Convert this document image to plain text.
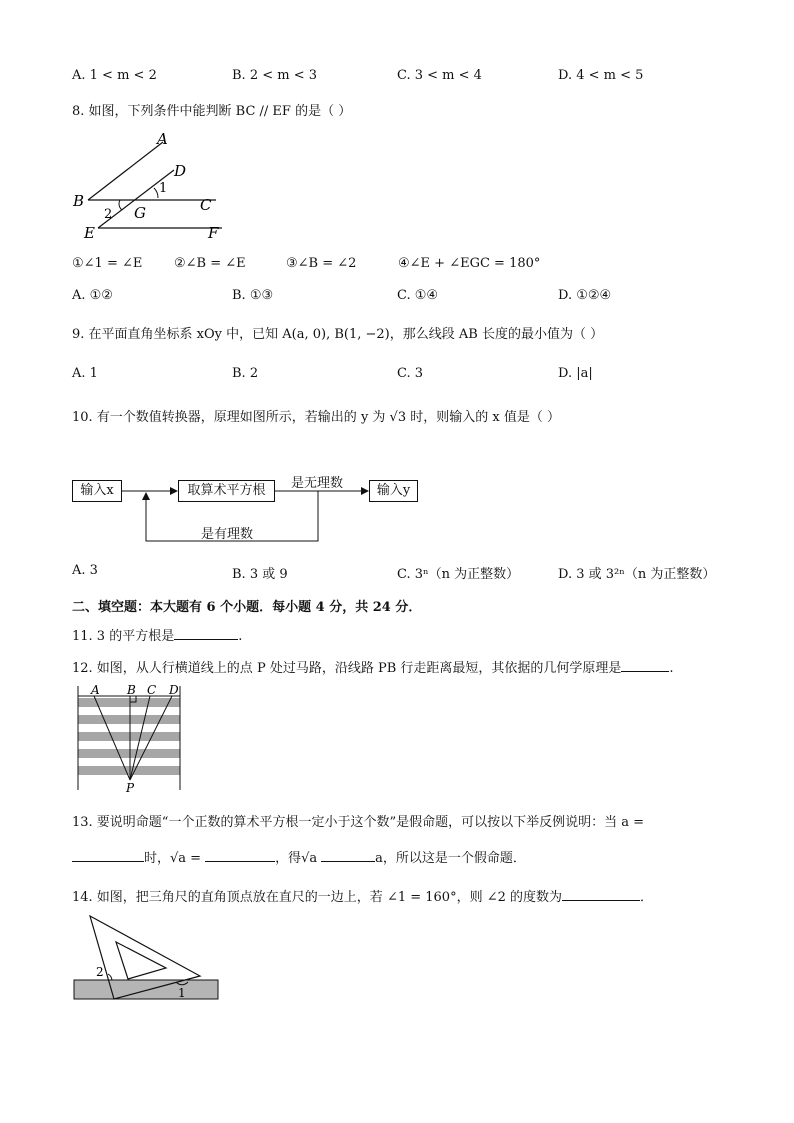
A. 1 < m < 2	B. 2 < m < 3	C. 3 < m < 4	D. 4 < m < 5
8. 如图，下列条件中能判断 BC // EF 的是（ ）
A
D
1
B	C
2 G
E	F
①∠1 = ∠E ②∠B = ∠E	③∠B = ∠2	④∠E + ∠EGC = 180°
A. ①②	B. ①③	C. ①④	D. ①②④
9. 在平面直角坐标系 xOy 中，已知 A(a, 0), B(1, −2)，那么线段 AB 长度的最小值为（ ）
A. 1	B. 2	C. 3	D. |a|
10. 有一个数值转换器，原理如图所示，若输出的 y 为 √3 时，则输入的 x 值是（ ）
输入x	取算术平方根	输入y
是无理数
是有理数
A. 3	B. 3 或 9	C. 3ⁿ（n 为正整数）	D. 3 或 3²ⁿ（n 为正整数）
二、填空题：本大题有 6 个小题．每小题 4 分，共 24 分．
11. 3 的平方根是	.
12. 如图，从人行横道线上的点 P 处过马路，沿线路 PB 行走距离最短，其依据的几何学原理是	.
A B C D
P
13. 要说明命题“一个正数的算术平方根一定小于这个数”是假命题，可以按以下举反例说明：当 a =
时，√a =	，得√a	a，所以这是一个假命题．
14. 如图，把三角尺的直角顶点放在直尺的一边上，若 ∠1 = 160°，则 ∠2 的度数为	．
1
2
